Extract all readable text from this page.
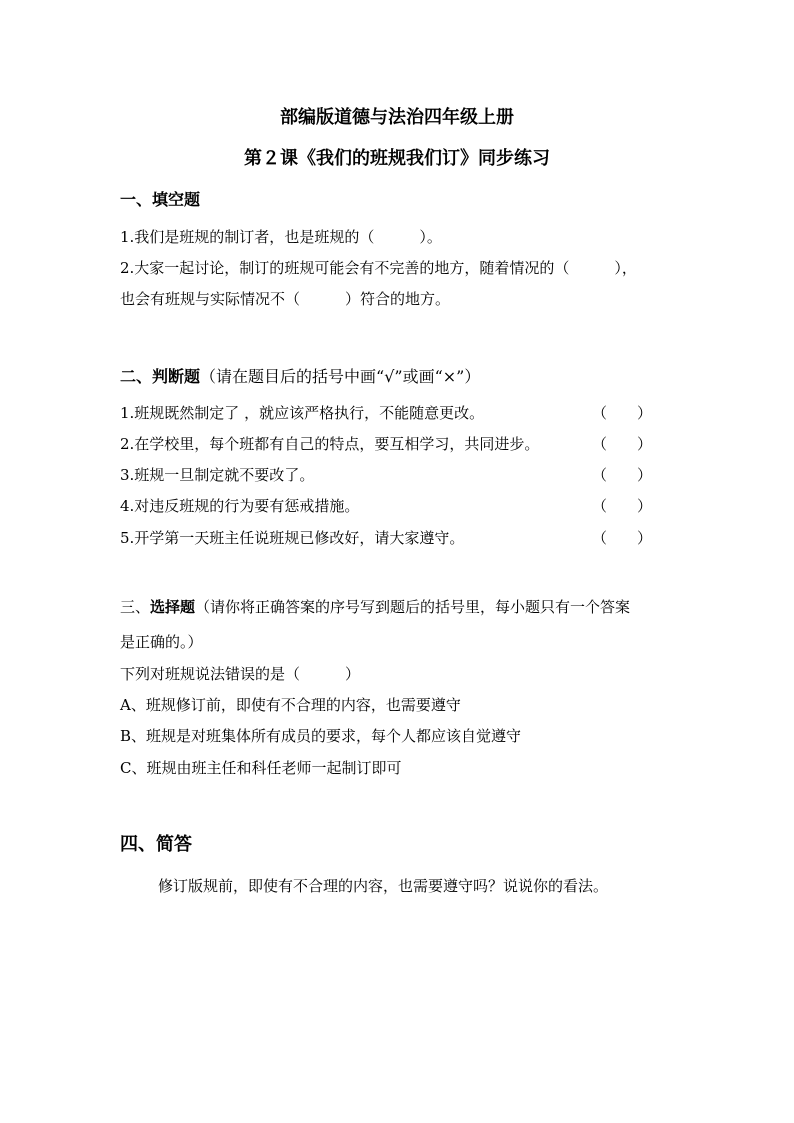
部编版道德与法治四年级上册
第２课《我们的班规我们订》同步练习
一、填空题
1.我们是班规的制订者，也是班规的（　　　）。
2.大家一起讨论，制订的班规可能会有不完善的地方，随着情况的（　　　），
也会有班规与实际情况不（　　　）符合的地方。
二、判断题（请在题目后的括号中画“√”或画“×”）
1.班规既然制定了 ，就应该严格执行，不能随意更改。	（　　）
2.在学校里，每个班都有自己的特点，要互相学习，共同进步。	（　　）
3.班规一旦制定就不要改了。	（　　）
4.对违反班规的行为要有惩戒措施。	（　　）
5.开学第一天班主任说班规已修改好，请大家遵守。	（　　）
三、选择题（请你将正确答案的序号写到题后的括号里，每小题只有一个答案
是正确的。）
下列对班规说法错误的是（　　　）
A、班规修订前，即使有不合理的内容，也需要遵守
B、班规是对班集体所有成员的要求，每个人都应该自觉遵守
C、班规由班主任和科任老师一起制订即可
四、简答
修订版规前，即使有不合理的内容，也需要遵守吗？说说你的看法。
